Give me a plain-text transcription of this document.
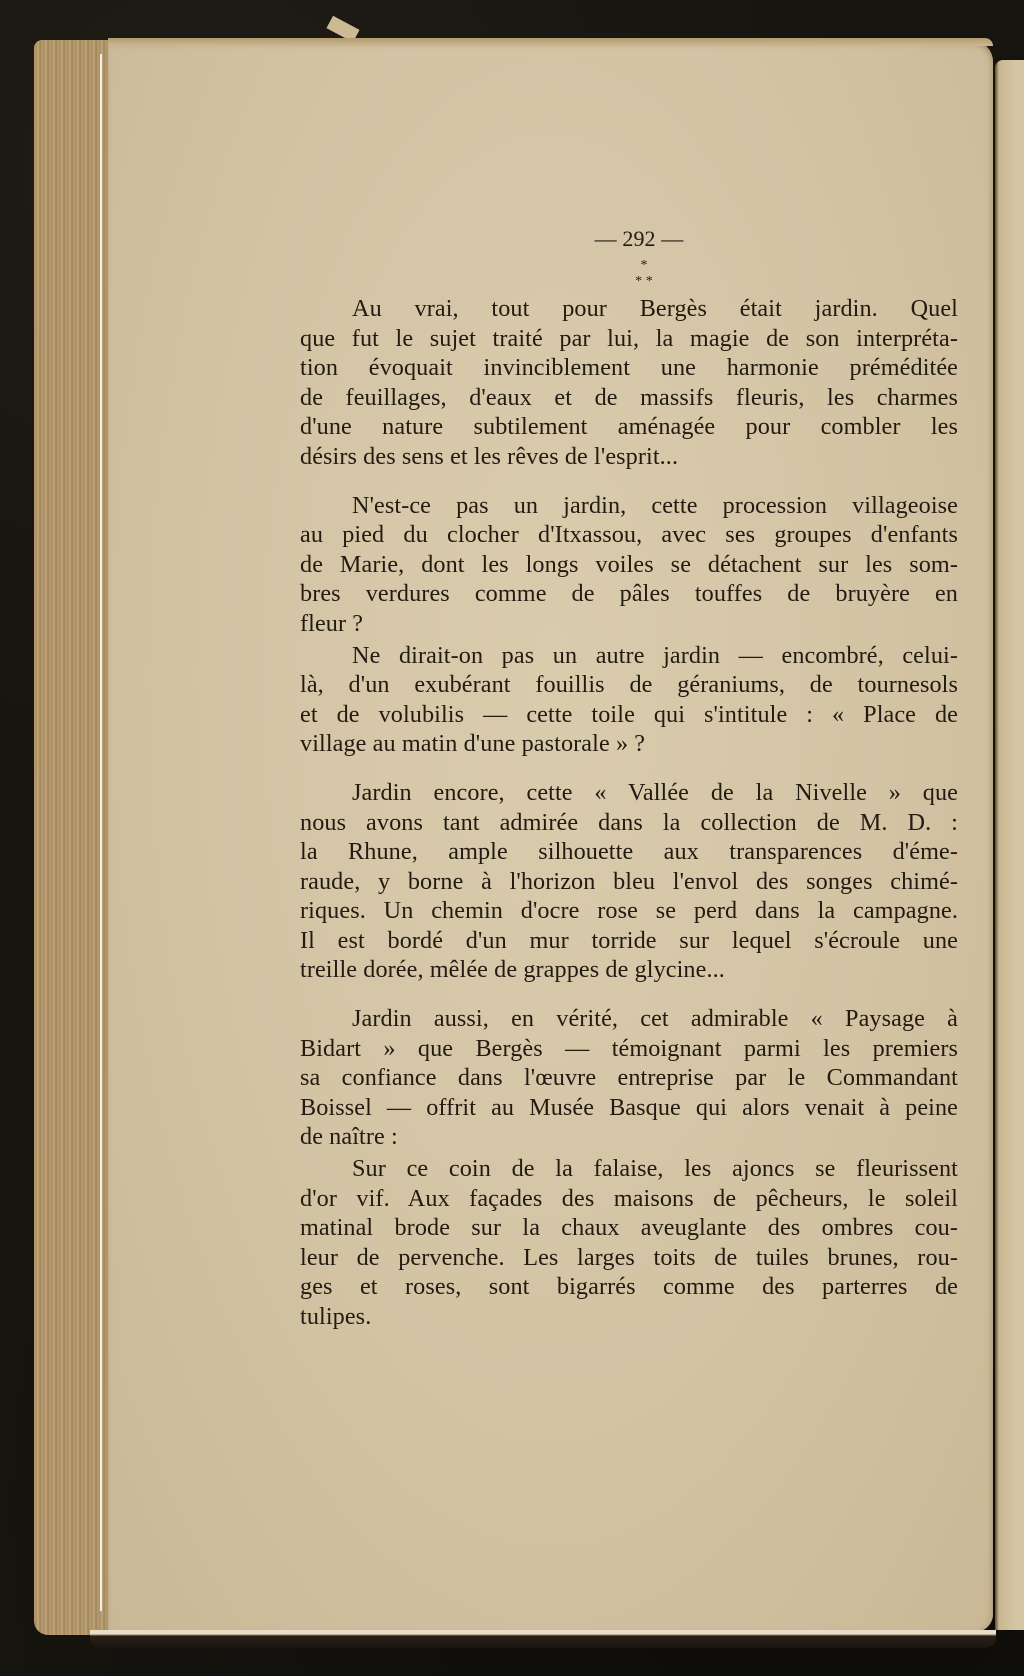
— 292 —
*
* *
Au vrai, tout pour Bergès était jardin. Quel
que fut le sujet traité par lui, la magie de son interpréta-
tion évoquait invinciblement une harmonie préméditée
de feuillages, d'eaux et de massifs fleuris, les charmes
d'une nature subtilement aménagée pour combler les
désirs des sens et les rêves de l'esprit...
N'est-ce pas un jardin, cette procession villageoise
au pied du clocher d'Itxassou, avec ses groupes d'enfants
de Marie, dont les longs voiles se détachent sur les som-
bres verdures comme de pâles touffes de bruyère en
fleur ?
Ne dirait-on pas un autre jardin — encombré, celui-
là, d'un exubérant fouillis de géraniums, de tournesols
et de volubilis — cette toile qui s'intitule : « Place de
village au matin d'une pastorale » ?
Jardin encore, cette « Vallée de la Nivelle » que
nous avons tant admirée dans la collection de M. D. :
la Rhune, ample silhouette aux transparences d'éme-
raude, y borne à l'horizon bleu l'envol des songes chimé-
riques. Un chemin d'ocre rose se perd dans la campagne.
Il est bordé d'un mur torride sur lequel s'écroule une
treille dorée, mêlée de grappes de glycine...
Jardin aussi, en vérité, cet admirable « Paysage à
Bidart » que Bergès — témoignant parmi les premiers
sa confiance dans l'œuvre entreprise par le Commandant
Boissel — offrit au Musée Basque qui alors venait à peine
de naître :
Sur ce coin de la falaise, les ajoncs se fleurissent
d'or vif. Aux façades des maisons de pêcheurs, le soleil
matinal brode sur la chaux aveuglante des ombres cou-
leur de pervenche. Les larges toits de tuiles brunes, rou-
ges et roses, sont bigarrés comme des parterres de
tulipes.
